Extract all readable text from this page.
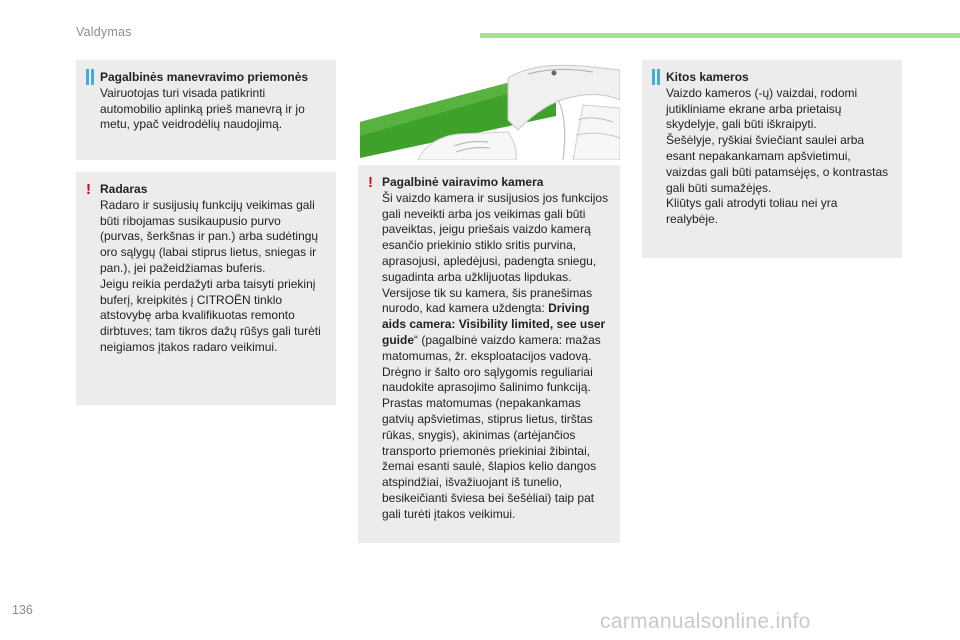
Valdymas
Pagalbinės manevravimo priemonės

Vairuotojas turi visada patikrinti automobilio aplinką prieš manevrą ir jo metu, ypač veidrodėlių naudojimą.

! Radaras

Radaro ir susijusių funkcijų veikimas gali būti ribojamas susikaupusio purvo (purvas, šerkšnas ir pan.) arba sudėtingų oro sąlygų (labai stiprus lietus, sniegas ir pan.), jei pažeidžiamas buferis.

Jeigu reikia perdažyti arba taisyti priekinį buferį, kreipkitės į CITROËN tinklo atstovybę arba kvalifikuotas remonto dirbtuves; tam tikros dažų rūšys gali turėti neigiamos įtakos radaro veikimui.

! Pagalbinė vairavimo kamera

Ši vaizdo kamera ir susijusios jos funkcijos gali neveikti arba jos veikimas gali būti paveiktas, jeigu priešais vaizdo kamerą esančio priekinio stiklo sritis purvina, aprasojusi, apledėjusi, padengta sniegu, sugadinta arba užklijuotas lipdukas.

Versijose tik su kamera, šis pranešimas nurodo, kad kamera uždengta: Driving aids camera: Visibility limited, see user guide“ (pagalbinė vaizdo kamera: mažas matomumas, žr. eksploatacijos vadovą.

Drėgno ir šalto oro sąlygomis reguliariai naudokite aprasojimo šalinimo funkciją.

Prastas matomumas (nepakankamas gatvių apšvietimas, stiprus lietus, tirštas rūkas, snygis), akinimas (artėjančios transporto priemonės priekiniai žibintai, žemai esanti saulė, šlapios kelio dangos atspindžiai, išvažiuojant iš tunelio, besikeičianti šviesa bei šešėliai) taip pat gali turėti įtakos veikimui.

Kitos kameros

Vaizdo kameros (-ų) vaizdai, rodomi jutikliniame ekrane arba prietaisų skydelyje, gali būti iškraipyti.

Šešėlyje, ryškiai šviečiant saulei arba esant nepakankamam apšvietimui, vaizdas gali būti patamsėjęs, o kontrastas gali būti sumažėjęs.

Kliūtys gali atrodyti toliau nei yra realybėje.

136	carmanualsonline.info
